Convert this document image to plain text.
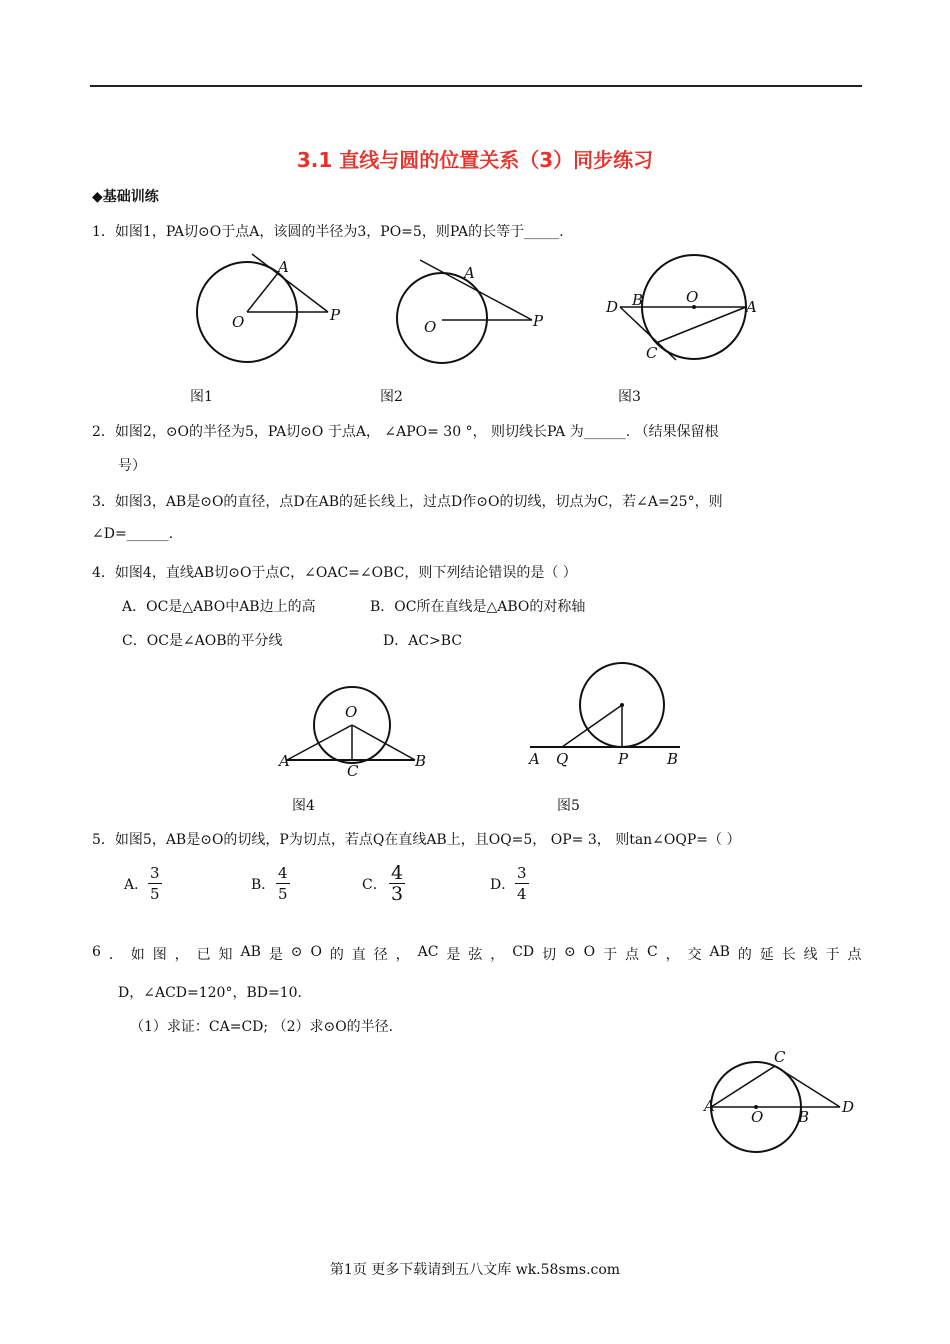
3.1 直线与圆的位置关系（3）同步练习
◆基础训练
1．如图1，PA切⊙O于点A，该圆的半径为3，PO=5，则PA的长等于_____.
A
O	P
图1
A
O	P
图2
D B	O
A
C
图3
2．如图2，⊙O的半径为5，PA切⊙O 于点A， ∠APO= 30 °， 则切线长PA 为______. （结果保留根
号）
3．如图3，AB是⊙O的直径，点D在AB的延长线上，过点D作⊙O的切线，切点为C，若∠A=25°，则
∠D=______.
4．如图4，直线AB切⊙O于点C，∠OAC=∠OBC，则下列结论错误的是（ ）
A．OC是△ABO中AB边上的高	B．OC所在直线是△ABO的对称轴
C．OC是∠AOB的平分线	D．AC>BC
O
A
C
B
图4
A Q	P	B
图5
5．如图5，AB是⊙O的切线，P为切点，若点Q在直线AB上，且OQ=5， OP= 3， 则tan∠OQP=（ ）
A． $\frac{3}{5}$	B． $\frac{4}{5}$	C． $\frac{4}{3}$	D． $\frac{3}{4}$
6 ． 如 图 ， 已 知 AB 是 ⊙ O 的 直 径 ， AC 是 弦 ， CD 切 ⊙ O 于 点 C ， 交 AB 的 延 长 线 于 点
D，∠ACD=120°，BD=10.
（1）求证：CA=CD; （2）求⊙O的半径.
C
A
O B
D
第1页 更多下载请到五八文库 wk.58sms.com
